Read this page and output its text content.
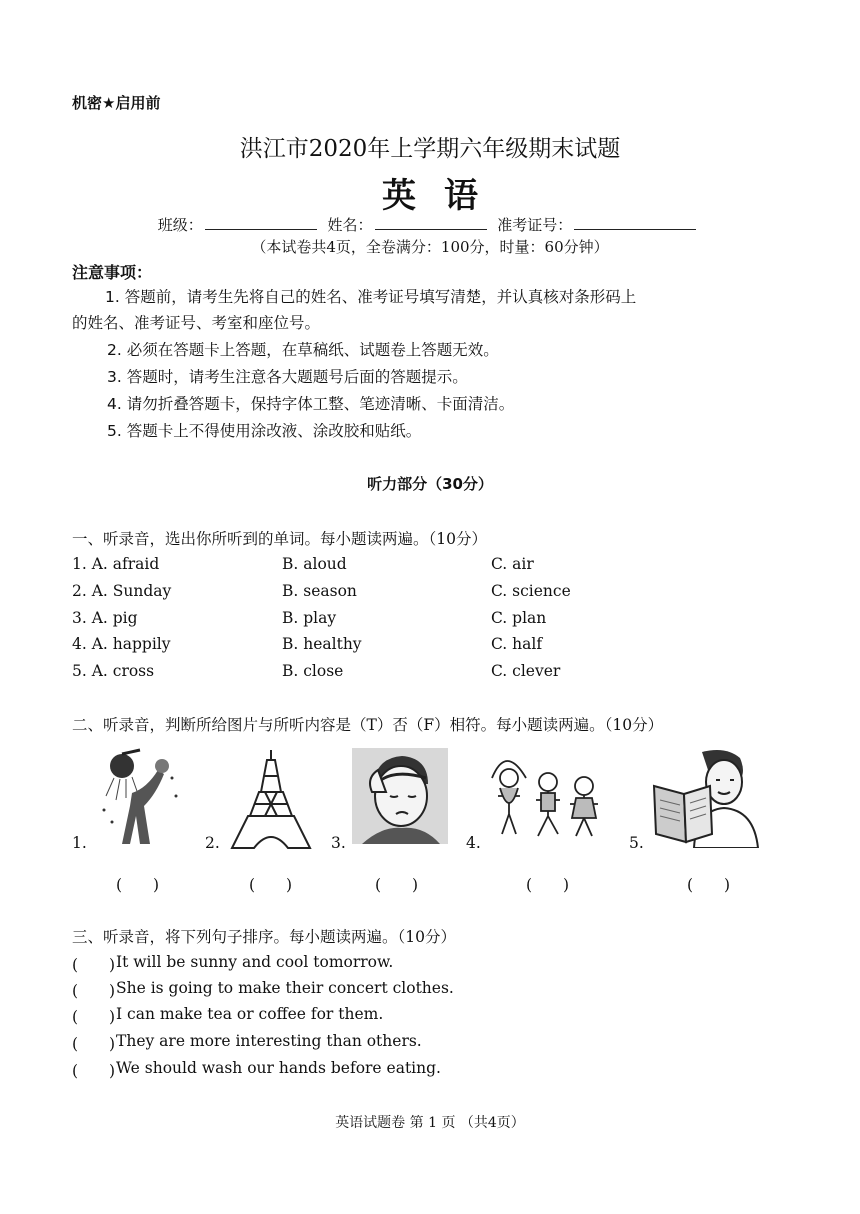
机密★启用前
洪江市2020年上学期六年级期末试题
英语
班级：	姓名：	准考证号：
（本试卷共4页，全卷满分：100分，时量：60分钟）
注意事项：
1. 答题前，请考生先将自己的姓名、准考证号填写清楚，并认真核对条形码上
的姓名、准考证号、考室和座位号。
2. 必须在答题卡上答题，在草稿纸、试题卷上答题无效。
3. 答题时，请考生注意各大题题号后面的答题提示。
4. 请勿折叠答题卡，保持字体工整、笔迹清晰、卡面清洁。
5. 答题卡上不得使用涂改液、涂改胶和贴纸。
听力部分（30分）
一、听录音，选出你所听到的单词。每小题读两遍。（10分）
1. A. afraid	B. aloud	C. air
2. A. Sunday	B. season	C. science
3. A. pig	B. play	C. plan
4. A. happily	B. healthy	C. half
5. A. cross	B. close	C. clever
二、听录音，判断所给图片与所听内容是（T）否（F）相符。每小题读两遍。（10分）
1.
(　　)
2.
(　　)
3.
(　　)
4.
(　　)
5.
(　　)
三、听录音，将下列句子排序。每小题读两遍。（10分）
(　　) It will be sunny and cool tomorrow.
(　　) She is going to make their concert clothes.
(　　) I can make tea or coffee for them.
(　　) They are more interesting than others.
(　　) We should wash our hands before eating.
英语试题卷 第 1 页 （共4页）
